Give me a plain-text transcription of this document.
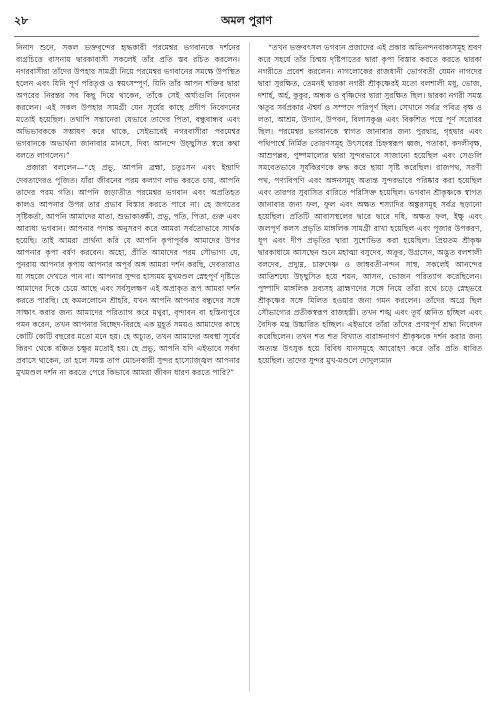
২৮	অমল পুরাণ

নিনাদ শুনে, সকল ভক্তবৃন্দের হৃদ্ধকারী পরমেশ্বর ভগবানকে দর্শনের ব্যগ্রচিত্তে বাসনায় দ্বারকাবাসী সকলেই তাঁর প্রতি স্তব রচিত করলেন। নগরবাসীরা তাঁদের উপহার সামগ্রী নিয়ে পরমেশ্বর ভগবানের সমক্ষে উপস্থিত হলেন এবং যিনি পূর্ণ পরিতৃপ্ত ও স্বয়ংসম্পূর্ণ, যিনি তাঁর আপন শক্তির দ্বারা অপরের নিরন্তর সব কিছু দিয়ে থাকেন, তাঁকে সেই অর্ঘ্যগুলি নিবেদন করলেন। এই সকল উপহার সামগ্রী যেন সূর্যের কাছে প্রদীপ নিবেদনের মতোই হয়েছিল। তথাপি সন্তানেরা যেভাবে তাদের পিতা, বন্ধুবান্ধব এবং অভিভাবককে সম্ভাষণ করে থাকে, সেইভাবেই নগরবাসীরা পরমেশ্বর ভগবানকে অভ্যর্থনা জানাবার মানসে, দিব্য আনন্দে উচ্ছ্বসিত স্বরে কথা বলতে লাগলেন।”

প্রজারা বললেন—“হে প্রভু, আপনি ব্রহ্মা, চতুঃসন এবং ইন্দ্রাদি দেবতাদেরও পূজিত। যাঁরা জীবনের পরম কল্যাণ লাভ করতে চায়, আপনি তাদের পরম গতি। আপনি জড়াতীত পরমেশ্বর ভগবান এবং অপ্রতিহত কালও আপনার উপর তার প্রভাব বিস্তার করতে পারে না। হে জগতের সৃষ্টিকর্তা, আপনি আমাদের মাতা, শুভাকাঙ্ক্ষী, প্রভু, পতি, পিতা, গুরু এবং আরাধ্য ভগবান। আপনার পদাঙ্ক অনুসরণ করে আমরা সর্বতোভাবে সার্থক হয়েছি। তাই আমরা প্রার্থনা করি যে আপনি কৃপাপূর্বক আমাদের উপর আপনার কৃপা বর্ষণ করবেন। অহো, প্রীতি আমাদের পরম সৌভাগ্য যে, পুনরায় আপনার কৃপায় আপনার অপূর্ব অঙ্গ আমরা দর্শন করছি, দেবতারাও যা সহজে দেখতে পান না। আপনার সুন্দর হাস্যময় মুখমণ্ডল স্নেহপূর্ণ দৃষ্টিতে আমাদের দিকে চেয়ে আছে এবং সর্বসুলক্ষণ এই অপ্রাকৃত রূপ আমরা দর্শন করতে পারছি। হে কমললোচন শ্রীহরি, যখন আপনি আপনার বন্ধুদের সঙ্গে সাক্ষাৎ করার জন্য আমাদের পরিত্যাগ করে মথুরা, বৃন্দাবন বা হস্তিনাপুরে গমন করেন, তখন আপনার বিচ্ছেদ-বিরহে এক মুহূর্ত সময়ও আমাদের কাছে কোটি কোটি বছরের মতো মনে হয়। হে অচ্যুত, তখন আমাদের অবস্থা সূর্যের কিরণ থেকে বঞ্চিত চক্ষুর মতোই হয়। হে প্রভু, আপনি যদি এইভাবে সর্বদা প্রবাসে থাকেন, তা হলে সমস্ত তাপ মোচনকারী সুন্দর হাস্যোজ্জ্বল আপনার মুখমণ্ডল দর্শন না করতে পেরে কিভাবে আমরা জীবন ধারণ করতে পারি?”

“তখন ভক্তবৎসল ভগবান প্রজাদের এই প্রকার অভিনন্দনবাক্যসমূহ শ্রবণ করে সহর্ষে তাঁর চিন্ময় দৃষ্টিপাতের দ্বারা কৃপা বিস্তার করতে করতে দ্বারকা নগরীতে প্রবেশ করলেন। নাগলোকের রাজধানী ভোগবতী যেমন নাগদের দ্বারা সুরক্ষিত, তেমনই দ্বারকা নগরী শ্রীকৃষ্ণেরই মতো বলশালী মধু, ভোজ, দশার্হ, অর্হ, কুকুর, অন্ধক ও বৃষ্ণিদের দ্বারা সুরক্ষিত ছিল। দ্বারকা নগরী সমস্ত ঋতুর সর্বপ্রকার ঐশ্বর্য ও সম্পদে পরিপূর্ণ ছিল। সেখানে সর্বত্র পবিত্র বৃক্ষ ও লতা, আশ্রম, উদ্যান, উপবন, বিলাসকুঞ্জ এবং বিকশিত পদ্মে পূর্ণ সরোবর ছিল। পরমেশ্বর ভগবানকে স্বাগত জানাবার জন্য পুরদ্বার, গৃহদ্বার এবং পথিপার্শ্বে নির্মিত তোরণসমূহ উৎসবের চিহ্নস্বরূপ ধ্বজ, পতাকা, কদলীবৃক্ষ, আম্রপল্লব, পুষ্পমাল্যের দ্বারা সুন্দরভাবে সাজানো হয়েছিল এবং সেগুলি সমবেতভাবে সূর্যকিরণকে রুদ্ধ করে ছায়া সৃষ্টি করেছিল। রাজপথ, সরণী পথ, পণ্যবিপণি এবং অঙ্গনসমূহ অত্যন্ত সুন্দরভাবে পরিষ্কার করা হয়েছিল এবং তারপর সুবাসিত বারিতে পরিসিক্ত হয়েছিল। ভগবান শ্রীকৃষ্ণকে স্বাগত জানাবার জন্য ফল, ফুল এবং অক্ষত শস্যাদির অঙ্কুরসমূহ সর্বত্র ছড়ানো হয়েছিল। প্রতিটি আবাসস্থলের দ্বারে দ্বারে দধি, অক্ষত ফল, ইক্ষু এবং জলপূর্ণ কলস প্রভৃতি মাঙ্গলিক সামগ্রী রাখা হয়েছিল এবং পূজার উপকরণ, ধূপ এবং দীপ প্রভৃতির দ্বারা সুশোভিত করা হয়েছিল। প্রিয়তম শ্রীকৃষ্ণ দ্বারকাধামে আসছেন শুনে মহাত্মা বসুদেব, অক্রূর, উগ্রসেন, অদ্ভুত বলশালী বলদেব, প্রদ্যুম্ন, চারুদেষ্ণ ও জাম্ববতী-নন্দন সাম্ব, সকলেই আনন্দের আতিশয্যে উচ্ছ্বসিত হয়ে শয়ন, আসন, ভোজন পরিত্যাগ করেছিলেন। পুষ্পাদি মাঙ্গলিক দ্রব্যসহ ব্রাহ্মণদের সঙ্গে নিয়ে তাঁরা রথে চড়ে স্নেহভরে শ্রীকৃষ্ণের সঙ্গে মিলিত হওয়ার জন্য গমন করলেন। তাঁদের অগ্রে ছিল সৌভাগ্যের প্রতীকস্বরূপ রাজহস্তী। তখন শঙ্খ এবং তূর্য ধ্বনিত হচ্ছিল এবং বৈদিক মন্ত্র উচ্চারিত হচ্ছিল। এইভাবে তাঁরা তাঁদের প্রণয়পূর্ণ শ্রদ্ধা নিবেদন করেছিলেন। তখন শত শত বিখ্যাত বারাঙ্গনাগণ শ্রীকৃষ্ণকে দর্শন করার জন্য অত্যন্ত উৎসুক হয়ে বিবিধ যানসমূহে আরোহণ করে তাঁর প্রতি ধাবিত হয়েছিল। তাদের সুন্দর মুখ-মণ্ডলে দোদুল্যমান
